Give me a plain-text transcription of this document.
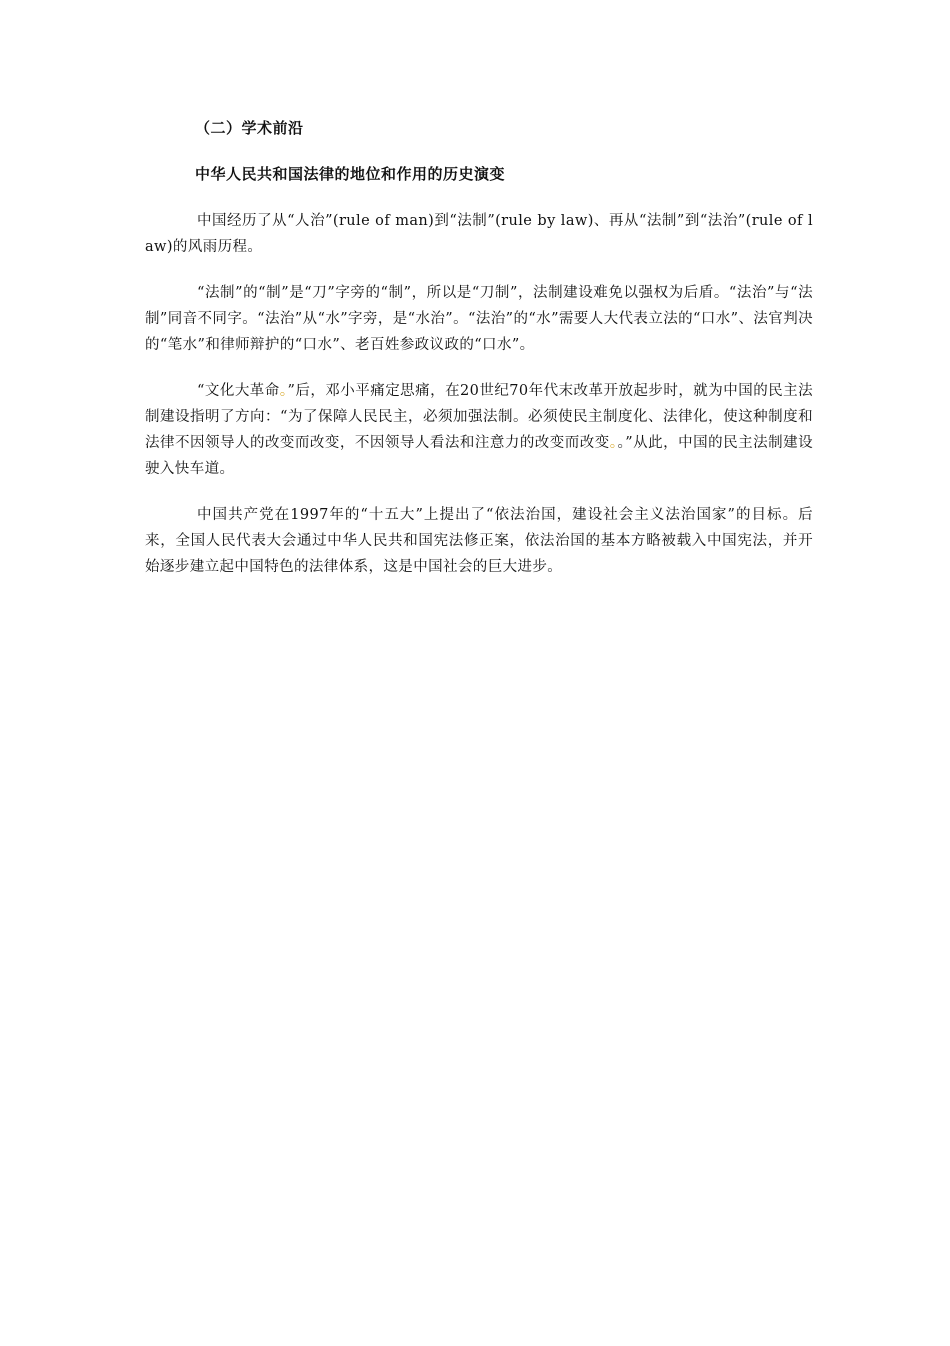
（二）学术前沿
中华人民共和国法律的地位和作用的历史演变

中国经历了从“人治”(rule of man)到“法制”(rule by law)、再从“法制”到“法治”(rule of law)的风雨历程。

“法制”的“制”是“刀”字旁的“制”，所以是“刀制”，法制建设难免以强权为后盾。“法治”与“法制”同音不同字。“法治”从“水”字旁，是“水治”。“法治”的“水”需要人大代表立法的“口水”、法官判决的“笔水”和律师辩护的“口水”、老百姓参政议政的“口水”。

“文化大革命。”后，邓小平痛定思痛，在20世纪70年代末改革开放起步时，就为中国的民主法制建设指明了方向：“为了保障人民民主，必须加强法制。必须使民主制度化、法律化，使这种制度和法律不因领导人的改变而改变，不因领导人看法和注意力的改变而改变。。”从此，中国的民主法制建设驶入快车道。

中国共产党在1997年的“十五大”上提出了“依法治国，建设社会主义法治国家”的目标。后来，全国人民代表大会通过中华人民共和国宪法修正案，依法治国的基本方略被载入中国宪法，并开始逐步建立起中国特色的法律体系，这是中国社会的巨大进步。
